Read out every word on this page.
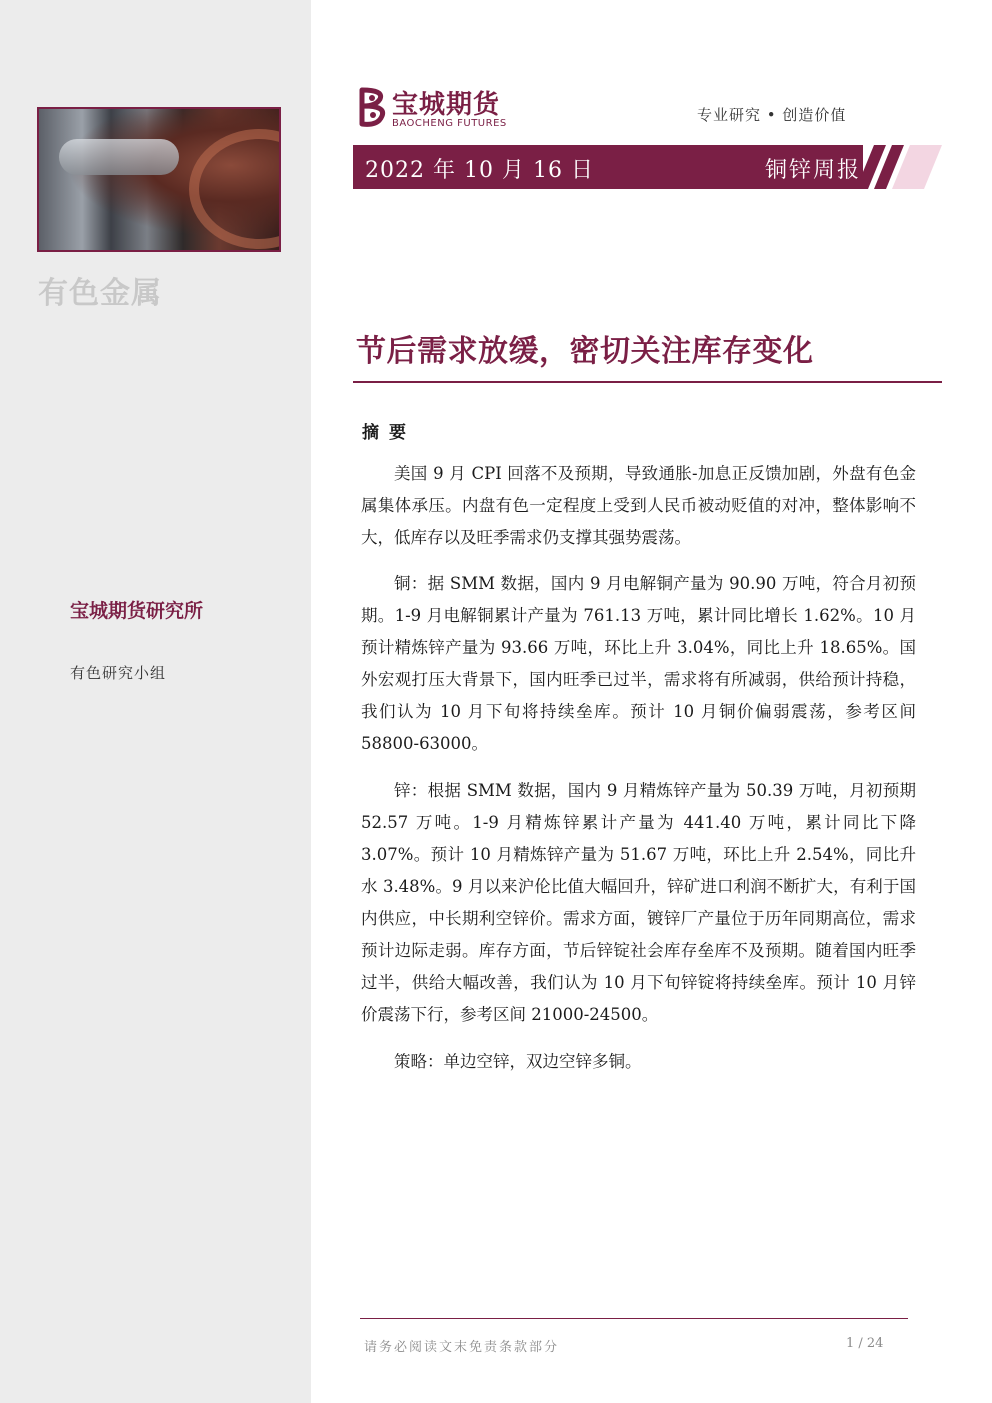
有色金属
宝城期货研究所
有色研究小组
宝城期货
BAOCHENG FUTURES	专业研究 • 创造价值
2022 年 10 月 16 日	铜锌周报
节后需求放缓，密切关注库存变化
摘要

美国 9 月 CPI 回落不及预期，导致通胀-加息正反馈加剧，外盘有色金属集体承压。内盘有色一定程度上受到人民币被动贬值的对冲，整体影响不大，低库存以及旺季需求仍支撑其强势震荡。

铜：据 SMM 数据，国内 9 月电解铜产量为 90.90 万吨，符合月初预期。1-9 月电解铜累计产量为 761.13 万吨，累计同比增长 1.62%。10 月预计精炼锌产量为 93.66 万吨，环比上升 3.04%，同比上升 18.65%。国外宏观打压大背景下，国内旺季已过半，需求将有所减弱，供给预计持稳，我们认为 10 月下旬将持续垒库。预计 10 月铜价偏弱震荡，参考区间 58800-63000。

锌：根据 SMM 数据，国内 9 月精炼锌产量为 50.39 万吨，月初预期 52.57 万吨。1-9 月精炼锌累计产量为 441.40 万吨，累计同比下降 3.07%。预计 10 月精炼锌产量为 51.67 万吨，环比上升 2.54%，同比升水 3.48%。9 月以来沪伦比值大幅回升，锌矿进口利润不断扩大，有利于国内供应，中长期利空锌价。需求方面，镀锌厂产量位于历年同期高位，需求预计边际走弱。库存方面，节后锌锭社会库存垒库不及预期。随着国内旺季过半，供给大幅改善，我们认为 10 月下旬锌锭将持续垒库。预计 10 月锌价震荡下行，参考区间 21000-24500。

策略：单边空锌，双边空锌多铜。

请务必阅读文末免责条款部分	1 / 24
